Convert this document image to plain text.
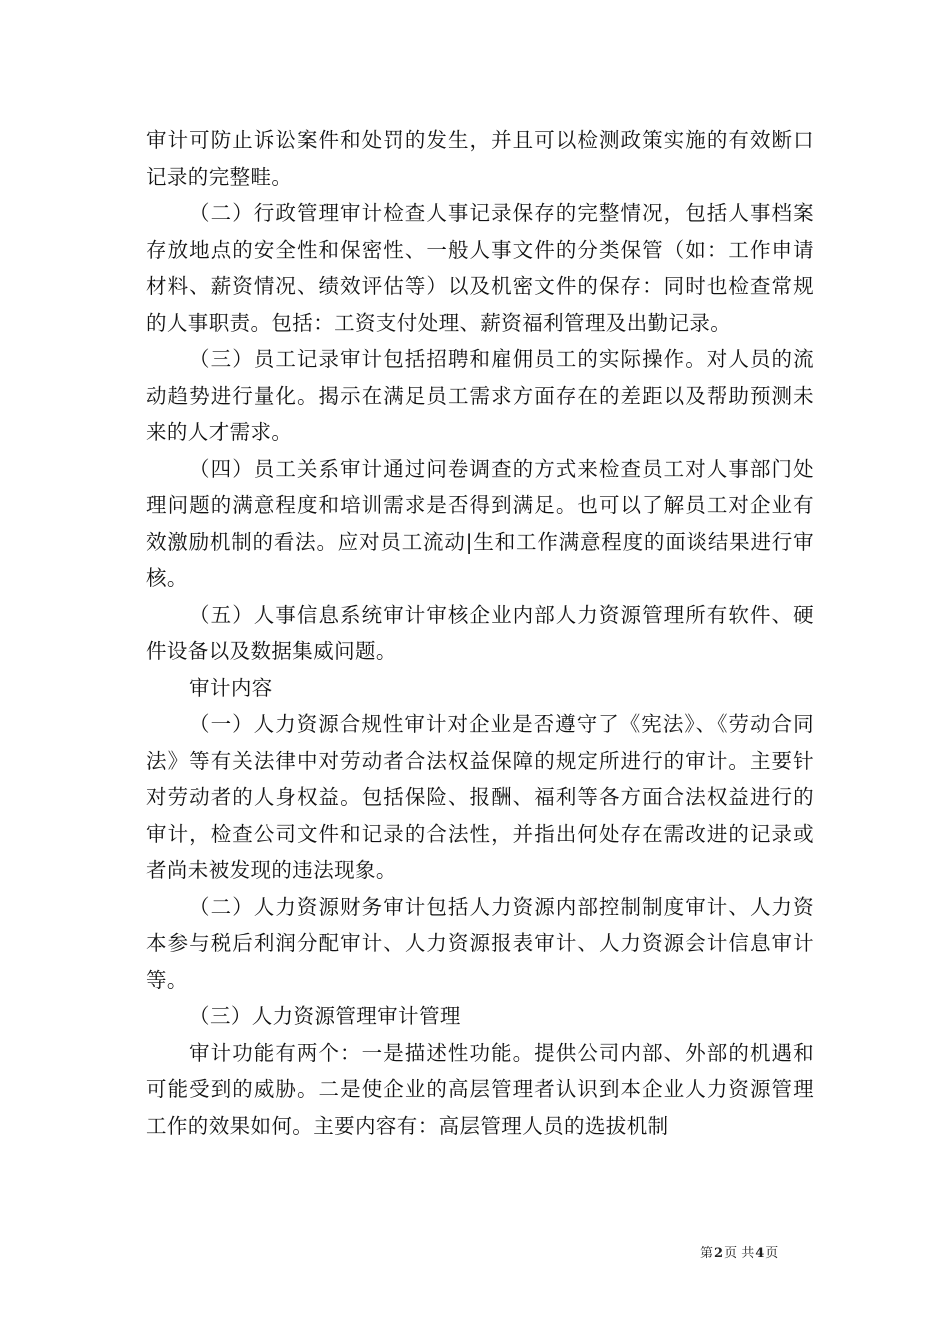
审计可防止诉讼案件和处罚的发生，并且可以检测政策实施的有效断口记录的完整畦。

（二）行政管理审计检查人事记录保存的完整情况，包括人事档案存放地点的安全性和保密性、一般人事文件的分类保管（如：工作申请材料、薪资情况、绩效评估等）以及机密文件的保存：同时也检查常规的人事职责。包括：工资支付处理、薪资福利管理及出勤记录。

（三）员工记录审计包括招聘和雇佣员工的实际操作。对人员的流动趋势进行量化。揭示在满足员工需求方面存在的差距以及帮助预测未来的人才需求。

（四）员工关系审计通过问卷调查的方式来检查员工对人事部门处理问题的满意程度和培训需求是否得到满足。也可以了解员工对企业有效激励机制的看法。应对员工流动|生和工作满意程度的面谈结果进行审核。

（五）人事信息系统审计审核企业内部人力资源管理所有软件、硬件设备以及数据集威问题。

审计内容

（一）人力资源合规性审计对企业是否遵守了《宪法》、《劳动合同法》等有关法律中对劳动者合法权益保障的规定所进行的审计。主要针对劳动者的人身权益。包括保险、报酬、福利等各方面合法权益进行的审计，检查公司文件和记录的合法性，并指出何处存在需改进的记录或者尚未被发现的违法现象。

（二）人力资源财务审计包括人力资源内部控制制度审计、人力资本参与税后利润分配审计、人力资源报表审计、人力资源会计信息审计等。

（三）人力资源管理审计管理

审计功能有两个：一是描述性功能。提供公司内部、外部的机遇和可能受到的威胁。二是使企业的高层管理者认识到本企业人力资源管理工作的效果如何。主要内容有：高层管理人员的选拔机制

第2页 共4页
